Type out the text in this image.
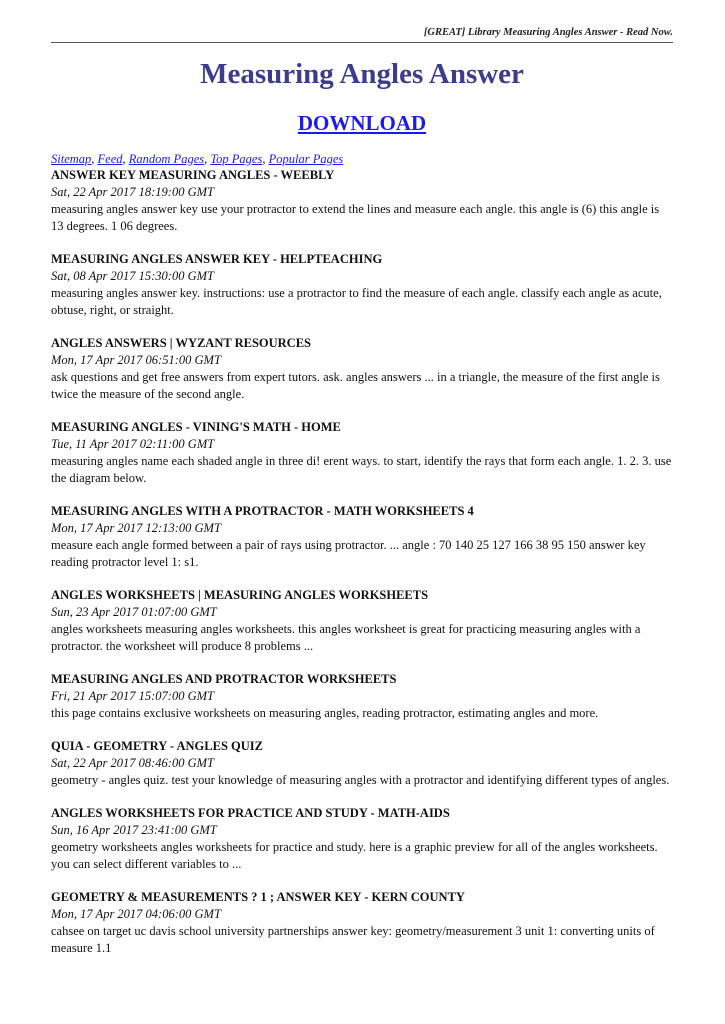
[GREAT] Library Measuring Angles Answer - Read Now.
Measuring Angles Answer
DOWNLOAD
Sitemap, Feed, Random Pages, Top Pages, Popular Pages
ANSWER KEY MEASURING ANGLES - WEEBLY
Sat, 22 Apr 2017 18:19:00 GMT
measuring angles answer key use your protractor to extend the lines and measure each angle. this angle is (6) this angle is 13 degrees. 1 06 degrees.
MEASURING ANGLES ANSWER KEY - HELPTEACHING
Sat, 08 Apr 2017 15:30:00 GMT
measuring angles answer key. instructions: use a protractor to find the measure of each angle. classify each angle as acute, obtuse, right, or straight.
ANGLES ANSWERS | WYZANT RESOURCES
Mon, 17 Apr 2017 06:51:00 GMT
ask questions and get free answers from expert tutors. ask. angles answers ... in a triangle, the measure of the first angle is twice the measure of the second angle.
MEASURING ANGLES - VINING'S MATH - HOME
Tue, 11 Apr 2017 02:11:00 GMT
measuring angles name each shaded angle in three di! erent ways. to start, identify the rays that form each angle. 1. 2. 3. use the diagram below.
MEASURING ANGLES WITH A PROTRACTOR - MATH WORKSHEETS 4
Mon, 17 Apr 2017 12:13:00 GMT
measure each angle formed between a pair of rays using protractor. ... angle : 70 140 25 127 166 38 95 150 answer key reading protractor level 1: s1.
ANGLES WORKSHEETS | MEASURING ANGLES WORKSHEETS
Sun, 23 Apr 2017 01:07:00 GMT
angles worksheets measuring angles worksheets. this angles worksheet is great for practicing measuring angles with a protractor. the worksheet will produce 8 problems ...
MEASURING ANGLES AND PROTRACTOR WORKSHEETS
Fri, 21 Apr 2017 15:07:00 GMT
this page contains exclusive worksheets on measuring angles, reading protractor, estimating angles and more.
QUIA - GEOMETRY - ANGLES QUIZ
Sat, 22 Apr 2017 08:46:00 GMT
geometry - angles quiz. test your knowledge of measuring angles with a protractor and identifying different types of angles.
ANGLES WORKSHEETS FOR PRACTICE AND STUDY - MATH-AIDS
Sun, 16 Apr 2017 23:41:00 GMT
geometry worksheets angles worksheets for practice and study. here is a graphic preview for all of the angles worksheets. you can select different variables to ...
GEOMETRY & MEASUREMENTS ? 1 ; ANSWER KEY - KERN COUNTY
Mon, 17 Apr 2017 04:06:00 GMT
cahsee on target uc davis school university partnerships answer key: geometry/measurement 3 unit 1: converting units of measure 1.1
